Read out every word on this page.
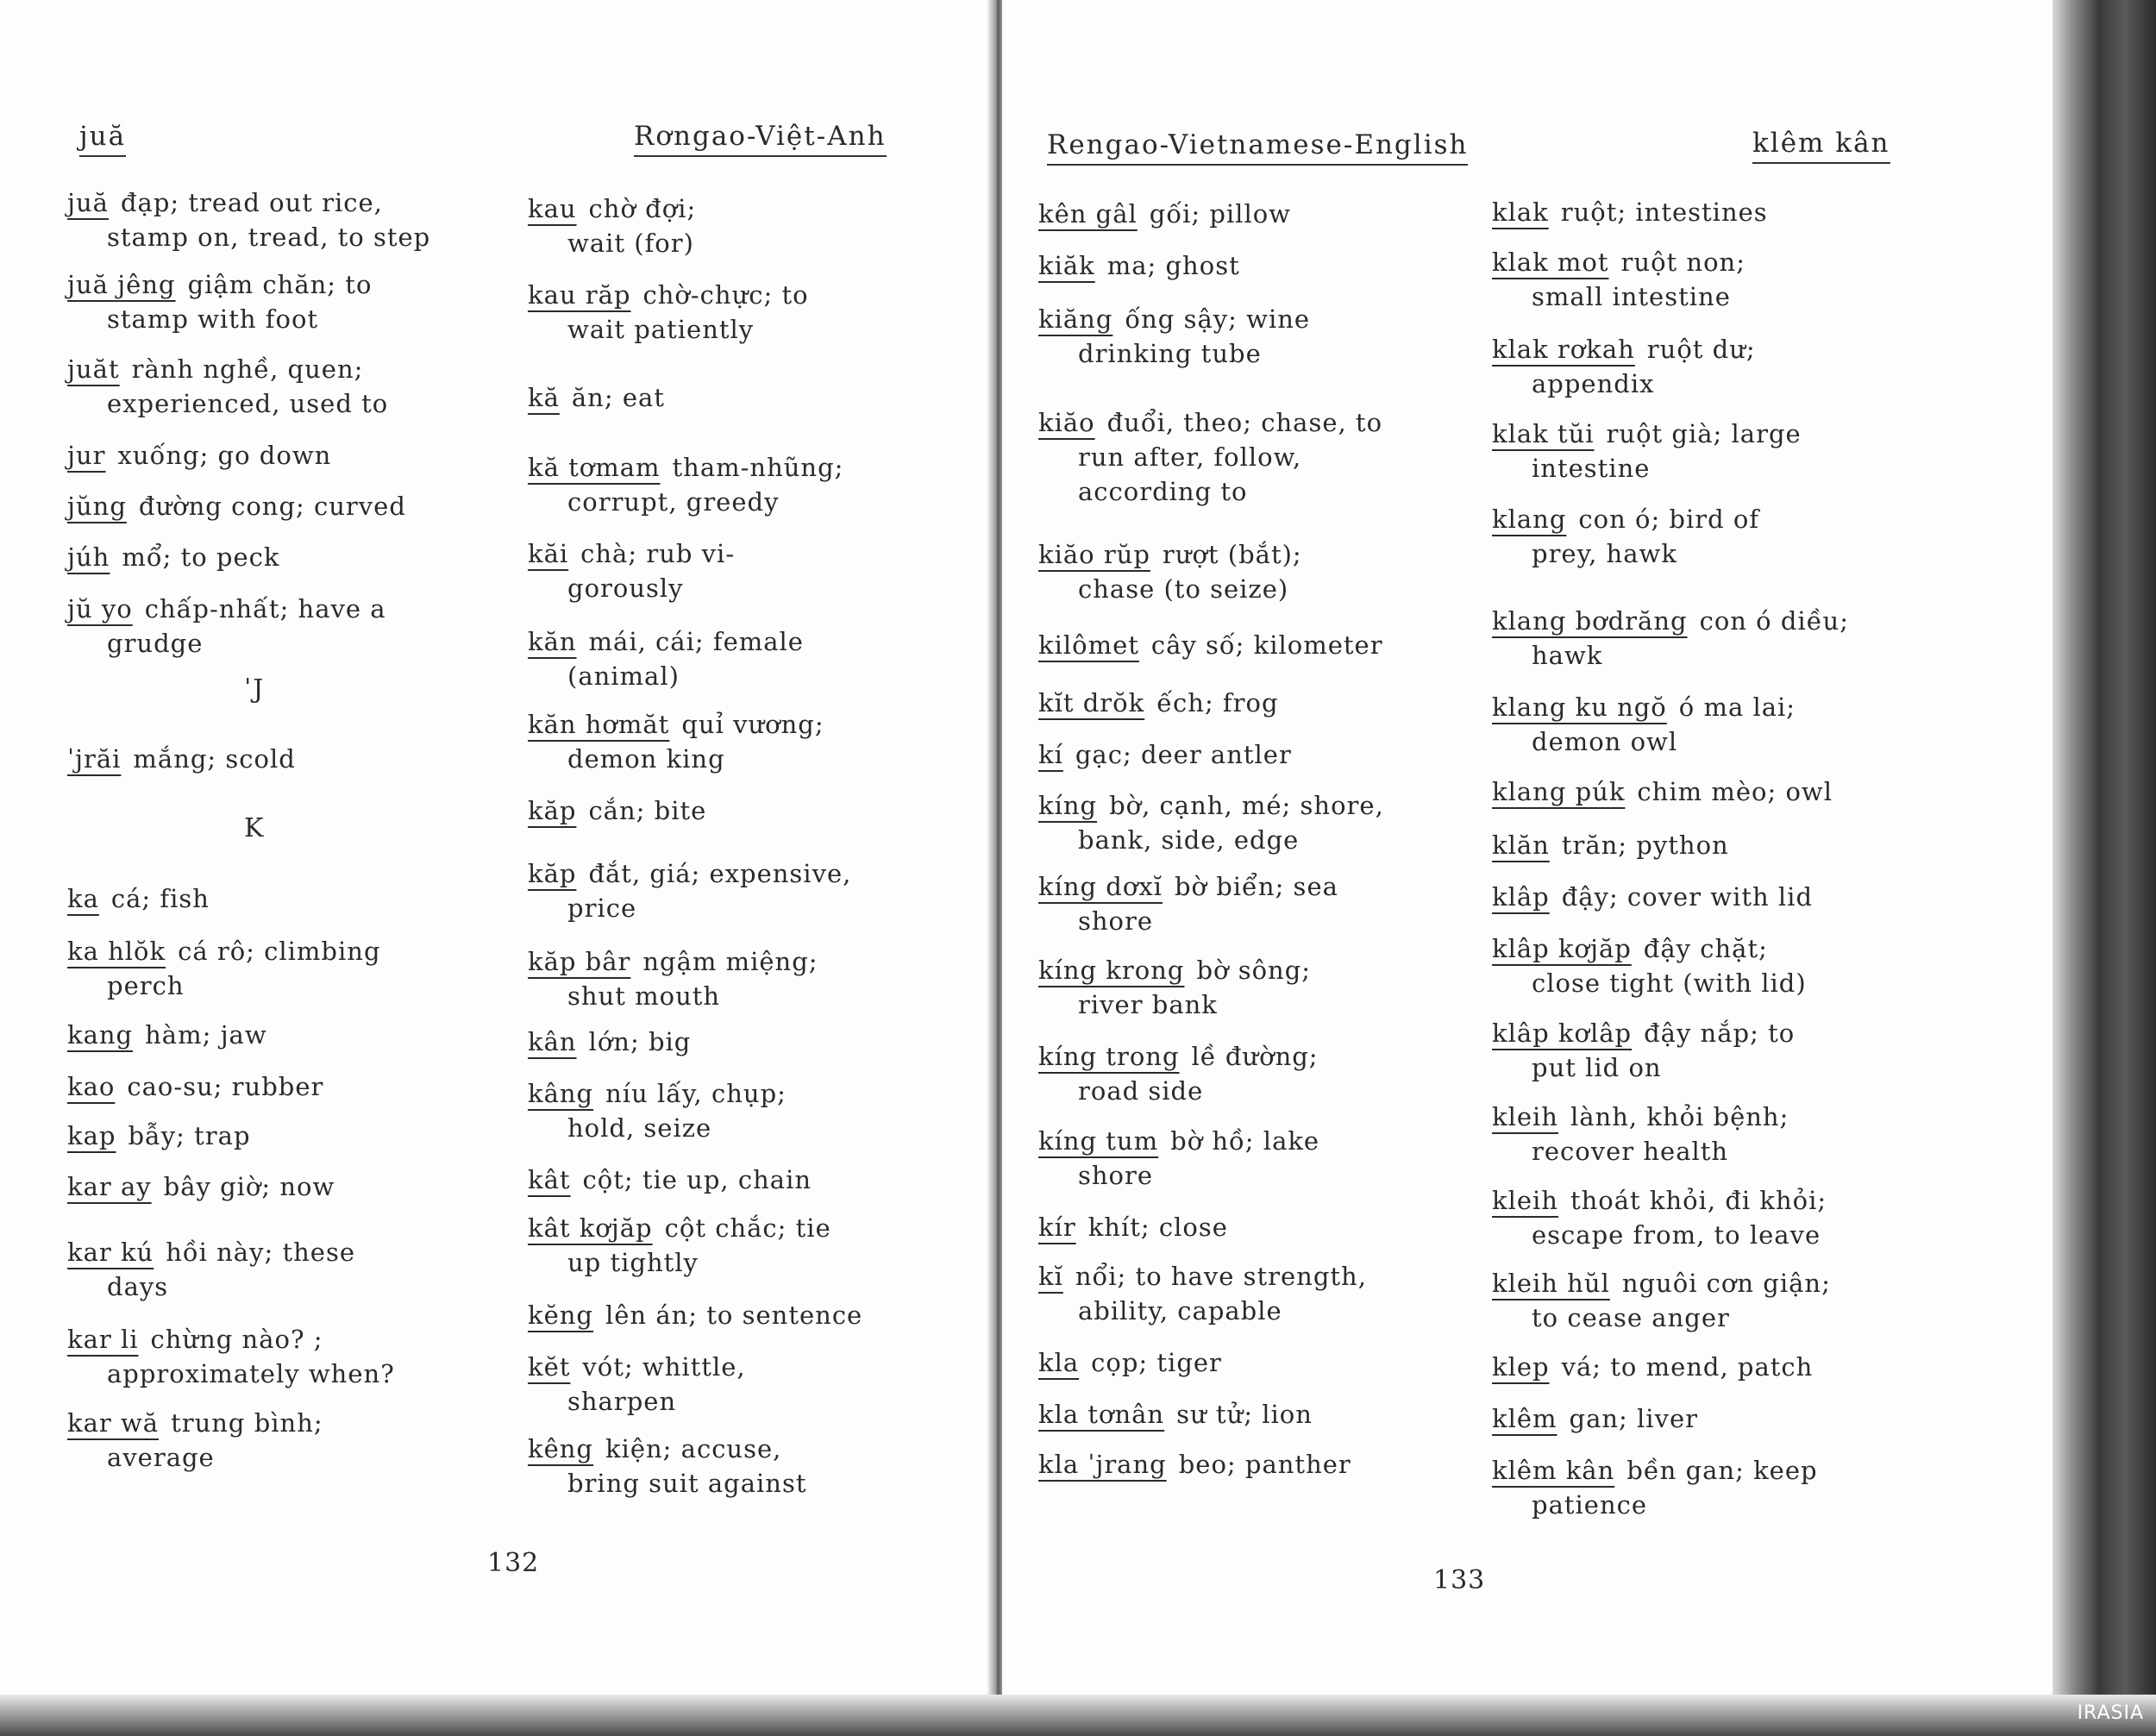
juă	Rơngao-Việt-Anh
juă đạp; tread out rice,
stamp on, tread, to step
juă jêng giậm chăn; to
stamp with foot
juăt rành nghề, quen;
experienced, used to
jur xuống; go down
jŭng đường cong; curved
júh mổ; to peck
jŭ yo chấp-nhất; have a
grudge
ˈjrăi mắng; scold
ka cá; fish
ka hlŏk cá rô; climbing
perch
kang hàm; jaw
kao cao-su; rubber
kap bẫy; trap
kar ay bây giờ; now
kar kú hồi này; these
days
kar li chừng nào? ;
approximately when?
kar wă trung bình;
average
ˈJ
K
kau chờ đợi;
wait (for)
kau răp chờ-chực; to
wait patiently
kă ăn; eat
kă tơmam tham-nhũng;
corrupt, greedy
kăi chà; rub vi-
gorously
kăn mái, cái; female
(animal)
kăn hơmăt quỉ vương;
demon king
kăp cắn; bite
kăp đắt, giá; expensive,
price
kăp bâr ngậm miệng;
shut mouth
kân lớn; big
kâng níu lấy, chụp;
hold, seize
kât cột; tie up, chain
kât kơjăp cột chắc; tie
up tightly
kĕng lên án; to sentence
kĕt vót; whittle,
sharpen
kêng kiện; accuse,
bring suit against
132
Rengao-Vietnamese-English	klêm kân
kên gâl gối; pillow
kiăk ma; ghost
kiăng ống sậy; wine
drinking tube
kiăo đuổi, theo; chase, to
run after, follow,
according to
kiăo rŭp rượt (bắt);
chase (to seize)
kilômet cây số; kilometer
kĭt drŏk ếch; frog
kí gạc; deer antler
kíng bờ, cạnh, mé; shore,
bank, side, edge
kíng dơxĭ bờ biển; sea
shore
kíng krong bờ sông;
river bank
kíng trong lề đường;
road side
kíng tum bờ hồ; lake
shore
kír khít; close
kĭ nổi; to have strength,
ability, capable
kla cọp; tiger
kla tơnân sư tử; lion
kla ˈjrang beo; panther
klak ruột; intestines
klak mot ruột non;
small intestine
klak rơkah ruột dư;
appendix
klak tŭi ruột già; large
intestine
klang con ó; bird of
prey, hawk
klang bơdrăng con ó diều;
hawk
klang ku ngŏ ó ma lai;
demon owl
klang púk chim mèo; owl
klăn trăn; python
klâp đậy; cover with lid
klâp kơjăp đậy chặt;
close tight (with lid)
klâp kơlâp đậy nắp; to
put lid on
kleih lành, khỏi bệnh;
recover health
kleih thoát khỏi, đi khỏi;
escape from, to leave
kleih hŭl nguôi cơn giận;
to cease anger
klep vá; to mend, patch
klêm gan; liver
klêm kân bền gan; keep
patience
133
IRASIA
